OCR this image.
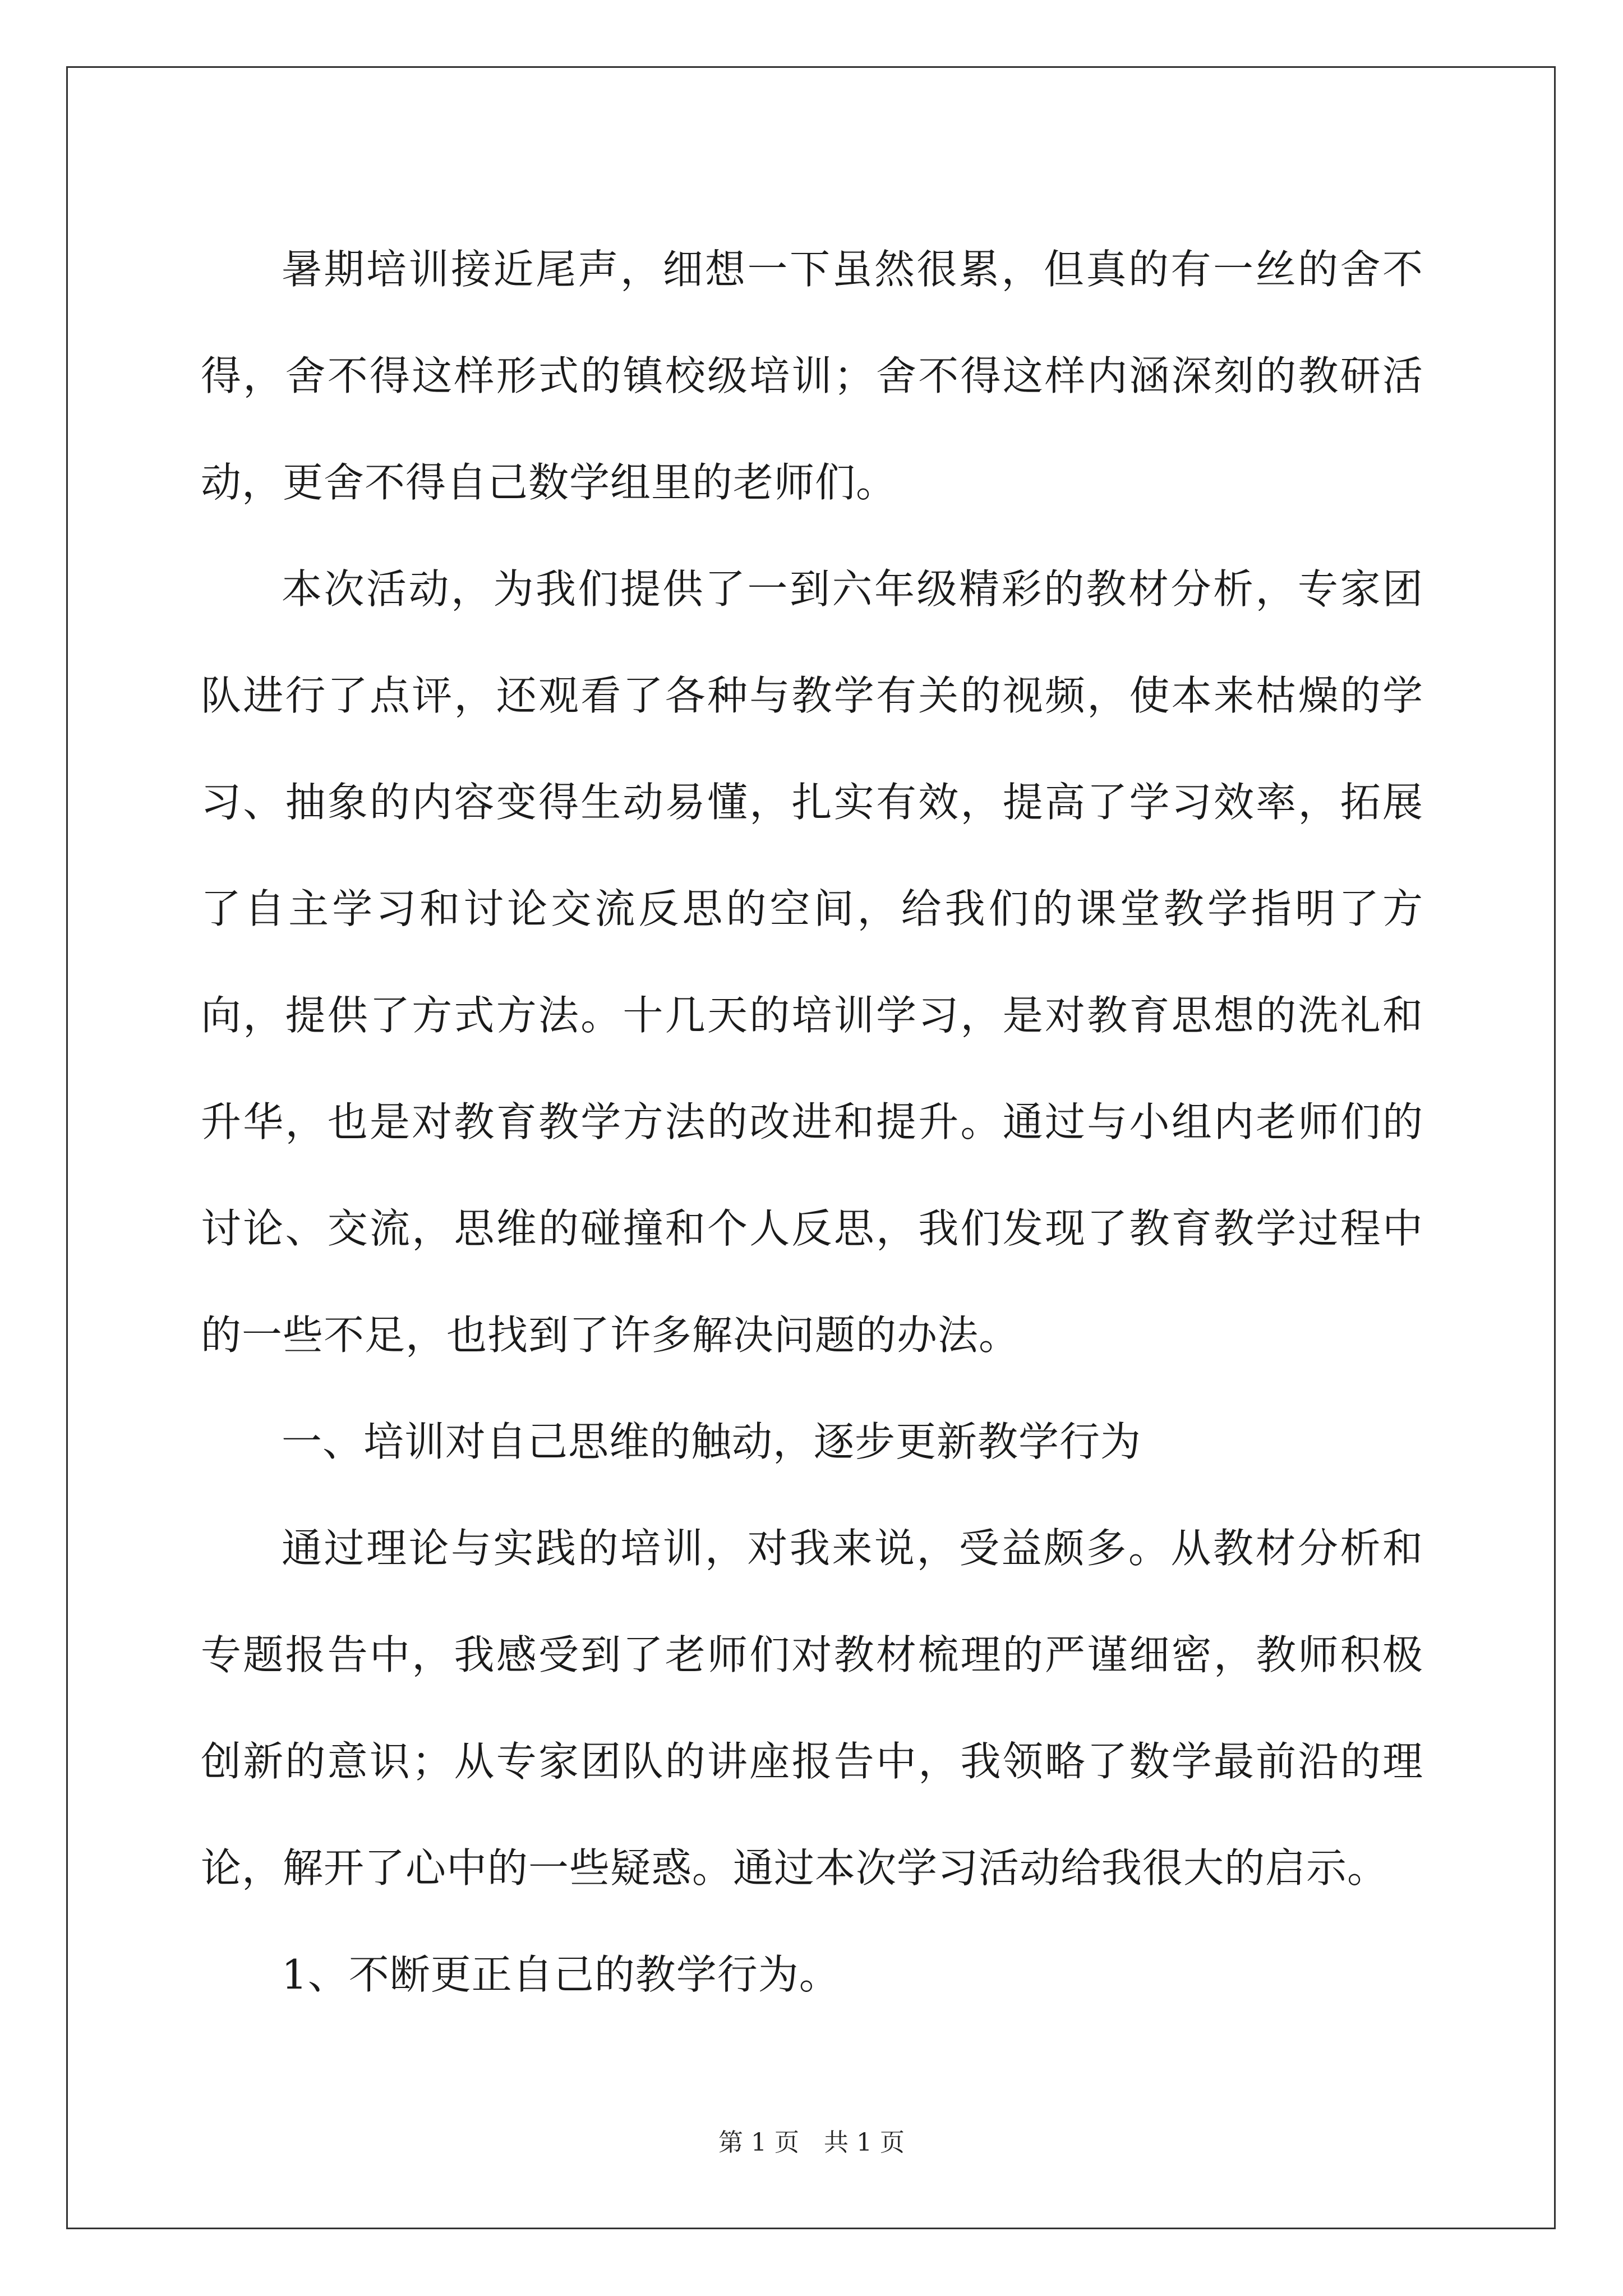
暑期培训接近尾声，细想一下虽然很累，但真的有一丝的舍不得，舍不得这样形式的镇校级培训；舍不得这样内涵深刻的教研活动，更舍不得自己数学组里的老师们。

本次活动，为我们提供了一到六年级精彩的教材分析，专家团队进行了点评，还观看了各种与教学有关的视频，使本来枯燥的学习、抽象的内容变得生动易懂，扎实有效，提高了学习效率，拓展了自主学习和讨论交流反思的空间，给我们的课堂教学指明了方向，提供了方式方法。十几天的培训学习，是对教育思想的洗礼和升华，也是对教育教学方法的改进和提升。通过与小组内老师们的讨论、交流，思维的碰撞和个人反思，我们发现了教育教学过程中的一些不足，也找到了许多解决问题的办法。

一、培训对自己思维的触动，逐步更新教学行为

通过理论与实践的培训，对我来说，受益颇多。从教材分析和专题报告中，我感受到了老师们对教材梳理的严谨细密，教师积极创新的意识；从专家团队的讲座报告中，我领略了数学最前沿的理论，解开了心中的一些疑惑。通过本次学习活动给我很大的启示。

1、不断更正自己的教学行为。

第 1 页　共 1 页
